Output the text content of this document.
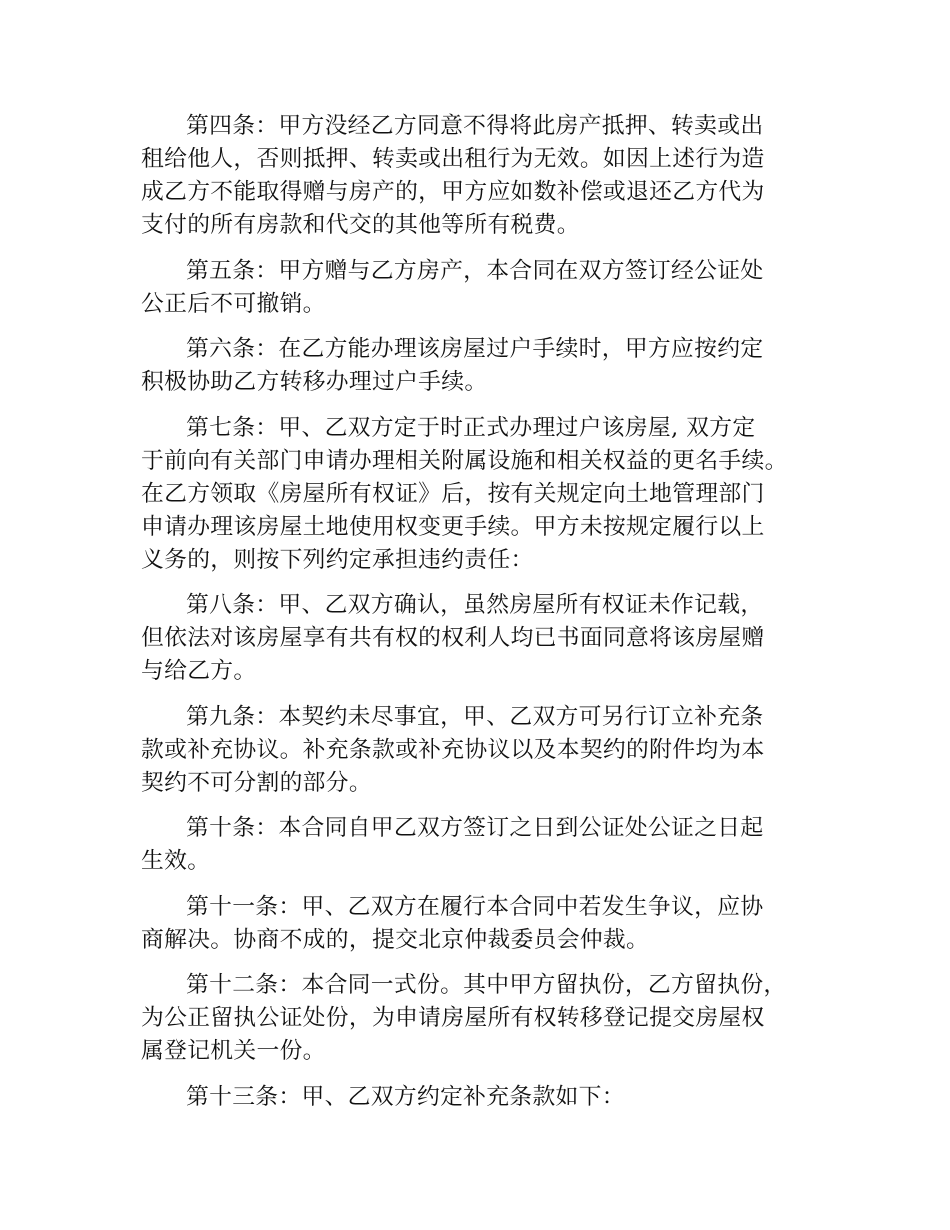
第四条：甲方没经乙方同意不得将此房产抵押、转卖或出
租给他人，否则抵押、转卖或出租行为无效。如因上述行为造
成乙方不能取得赠与房产的，甲方应如数补偿或退还乙方代为
支付的所有房款和代交的其他等所有税费。

第五条：甲方赠与乙方房产，本合同在双方签订经公证处
公正后不可撤销。

第六条：在乙方能办理该房屋过户手续时，甲方应按约定
积极协助乙方转移办理过户手续。

第七条：甲、乙双方定于时正式办理过户该房屋, 双方定
于前向有关部门申请办理相关附属设施和相关权益的更名手续。
在乙方领取《房屋所有权证》后，按有关规定向土地管理部门
申请办理该房屋土地使用权变更手续。甲方未按规定履行以上
义务的，则按下列约定承担违约责任：

第八条：甲、乙双方确认，虽然房屋所有权证未作记载，
但依法对该房屋享有共有权的权利人均已书面同意将该房屋赠
与给乙方。

第九条：本契约未尽事宜，甲、乙双方可另行订立补充条
款或补充协议。补充条款或补充协议以及本契约的附件均为本
契约不可分割的部分。

第十条：本合同自甲乙双方签订之日到公证处公证之日起
生效。

第十一条：甲、乙双方在履行本合同中若发生争议，应协
商解决。协商不成的，提交北京仲裁委员会仲裁。

第十二条：本合同一式份。其中甲方留执份，乙方留执份，
为公正留执公证处份，为申请房屋所有权转移登记提交房屋权
属登记机关一份。

第十三条：甲、乙双方约定补充条款如下：
